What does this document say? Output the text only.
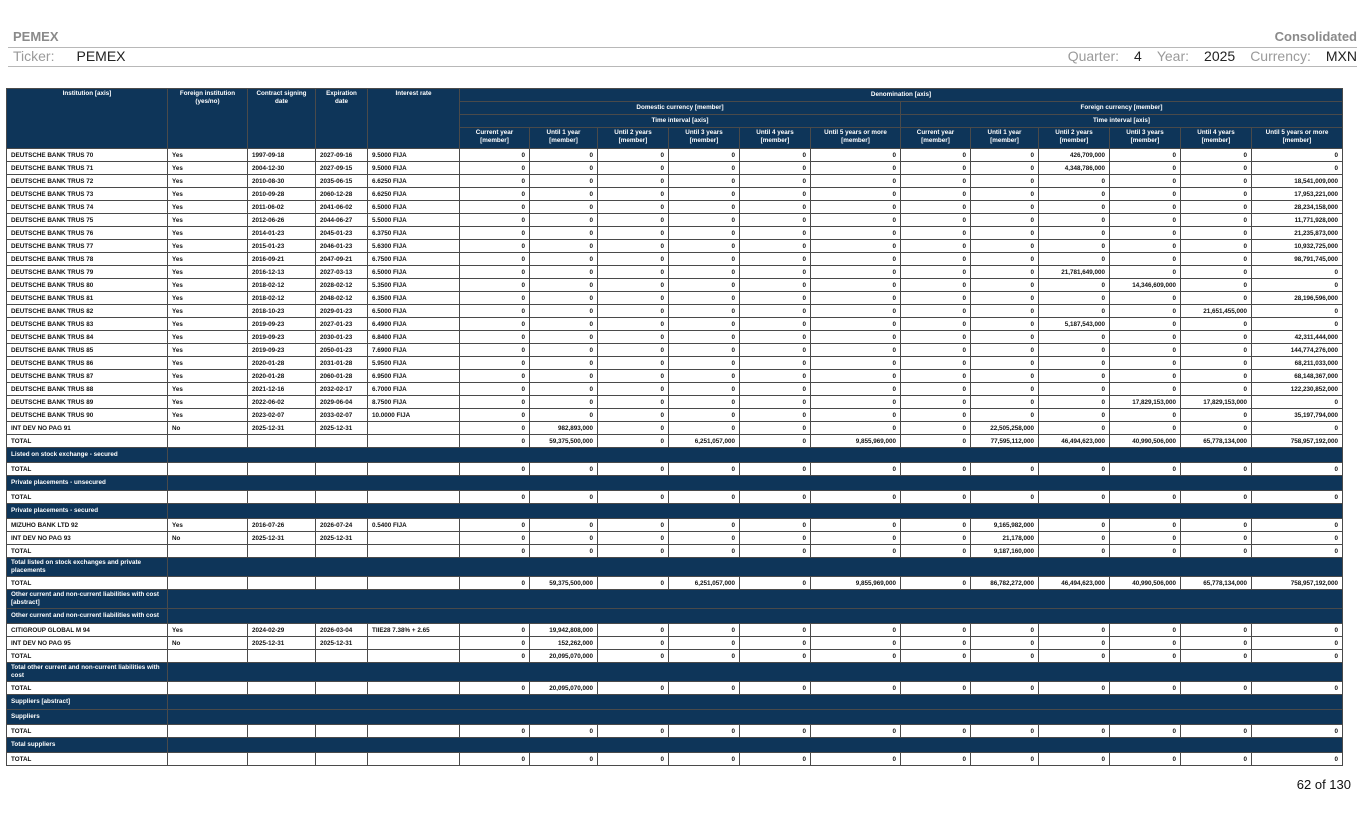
PEMEX	Consolidated
Ticker: PEMEX	Quarter: 4 Year: 2025 Currency: MXN
Institution [axis]	Foreign institution (yes/no)	Contract signing date	Expiration date	Interest rate	Denomination [axis]											
					Domestic currency [member]						Foreign currency [member]					
					Time interval [axis]						Time interval [axis]					
					Current year [member]	Until 1 year [member]	Until 2 years [member]	Until 3 years [member]	Until 4 years [member]	Until 5 years or more [member]	Current year [member]	Until 1 year [member]	Until 2 years [member]	Until 3 years [member]	Until 4 years [member]	Until 5 years or more [member]
DEUTSCHE BANK TRUS 70	Yes	1997-09-18	2027-09-16	9.5000 FIJA	0	0	0	0	0	0	0	0	426,709,000	0	0	0
DEUTSCHE BANK TRUS 71	Yes	2004-12-30	2027-09-15	9.5000 FIJA	0	0	0	0	0	0	0	0	4,348,786,000	0	0	0
DEUTSCHE BANK TRUS 72	Yes	2010-08-30	2035-06-15	6.6250 FIJA	0	0	0	0	0	0	0	0	0	0	0	18,541,009,000
DEUTSCHE BANK TRUS 73	Yes	2010-09-28	2060-12-28	6.6250 FIJA	0	0	0	0	0	0	0	0	0	0	0	17,953,221,000
DEUTSCHE BANK TRUS 74	Yes	2011-06-02	2041-06-02	6.5000 FIJA	0	0	0	0	0	0	0	0	0	0	0	28,234,158,000
DEUTSCHE BANK TRUS 75	Yes	2012-06-26	2044-06-27	5.5000 FIJA	0	0	0	0	0	0	0	0	0	0	0	11,771,928,000
DEUTSCHE BANK TRUS 76	Yes	2014-01-23	2045-01-23	6.3750 FIJA	0	0	0	0	0	0	0	0	0	0	0	21,235,873,000
DEUTSCHE BANK TRUS 77	Yes	2015-01-23	2046-01-23	5.6300 FIJA	0	0	0	0	0	0	0	0	0	0	0	10,932,725,000
DEUTSCHE BANK TRUS 78	Yes	2016-09-21	2047-09-21	6.7500 FIJA	0	0	0	0	0	0	0	0	0	0	0	98,791,745,000
DEUTSCHE BANK TRUS 79	Yes	2016-12-13	2027-03-13	6.5000 FIJA	0	0	0	0	0	0	0	0	21,781,649,000	0	0	0
DEUTSCHE BANK TRUS 80	Yes	2018-02-12	2028-02-12	5.3500 FIJA	0	0	0	0	0	0	0	0	0	14,346,609,000	0	0
DEUTSCHE BANK TRUS 81	Yes	2018-02-12	2048-02-12	6.3500 FIJA	0	0	0	0	0	0	0	0	0	0	0	28,196,596,000
DEUTSCHE BANK TRUS 82	Yes	2018-10-23	2029-01-23	6.5000 FIJA	0	0	0	0	0	0	0	0	0	0	21,651,455,000	0
DEUTSCHE BANK TRUS 83	Yes	2019-09-23	2027-01-23	6.4900 FIJA	0	0	0	0	0	0	0	0	5,187,543,000	0	0	0
DEUTSCHE BANK TRUS 84	Yes	2019-09-23	2030-01-23	6.8400 FIJA	0	0	0	0	0	0	0	0	0	0	0	42,311,444,000
DEUTSCHE BANK TRUS 85	Yes	2019-09-23	2050-01-23	7.6900 FIJA	0	0	0	0	0	0	0	0	0	0	0	144,774,276,000
DEUTSCHE BANK TRUS 86	Yes	2020-01-28	2031-01-28	5.9500 FIJA	0	0	0	0	0	0	0	0	0	0	0	68,211,033,000
DEUTSCHE BANK TRUS 87	Yes	2020-01-28	2060-01-28	6.9500 FIJA	0	0	0	0	0	0	0	0	0	0	0	68,148,367,000
DEUTSCHE BANK TRUS 88	Yes	2021-12-16	2032-02-17	6.7000 FIJA	0	0	0	0	0	0	0	0	0	0	0	122,230,852,000
DEUTSCHE BANK TRUS 89	Yes	2022-06-02	2029-06-04	8.7500 FIJA	0	0	0	0	0	0	0	0	0	17,829,153,000	17,829,153,000	0
DEUTSCHE BANK TRUS 90	Yes	2023-02-07	2033-02-07	10.0000 FIJA	0	0	0	0	0	0	0	0	0	0	0	35,197,794,000
INT DEV NO PAG 91	No	2025-12-31	2025-12-31		0	982,893,000	0	0	0	0	0	22,505,258,000	0	0	0	0
TOTAL					0	59,375,500,000	0	6,251,057,000	0	9,855,969,000	0	77,595,112,000	46,494,623,000	40,990,506,000	65,778,134,000	758,957,192,000
Listed on stock exchange - secured																
TOTAL					0	0	0	0	0	0	0	0	0	0	0	0
Private placements - unsecured																
TOTAL					0	0	0	0	0	0	0	0	0	0	0	0
Private placements - secured																
MIZUHO BANK LTD 92	Yes	2016-07-26	2026-07-24	0.5400 FIJA	0	0	0	0	0	0	0	9,165,982,000	0	0	0	0
INT DEV NO PAG 93	No	2025-12-31	2025-12-31		0	0	0	0	0	0	0	21,178,000	0	0	0	0
TOTAL					0	0	0	0	0	0	0	9,187,160,000	0	0	0	0
Total listed on stock exchanges and private placements																
TOTAL					0	59,375,500,000	0	6,251,057,000	0	9,855,969,000	0	86,782,272,000	46,494,623,000	40,990,506,000	65,778,134,000	758,957,192,000
Other current and non-current liabilities with cost [abstract]																
Other current and non-current liabilities with cost																
CITIGROUP GLOBAL M 94	Yes	2024-02-29	2026-03-04	TIIE28 7.38% + 2.65	0	19,942,808,000	0	0	0	0	0	0	0	0	0	0
INT DEV NO PAG 95	No	2025-12-31	2025-12-31		0	152,262,000	0	0	0	0	0	0	0	0	0	0
TOTAL					0	20,095,070,000	0	0	0	0	0	0	0	0	0	0
Total other current and non-current liabilities with cost																
TOTAL					0	20,095,070,000	0	0	0	0	0	0	0	0	0	0
Suppliers [abstract]																
Suppliers																
TOTAL					0	0	0	0	0	0	0	0	0	0	0	0
Total suppliers																
TOTAL					0	0	0	0	0	0	0	0	0	0	0	0
62 of 130
